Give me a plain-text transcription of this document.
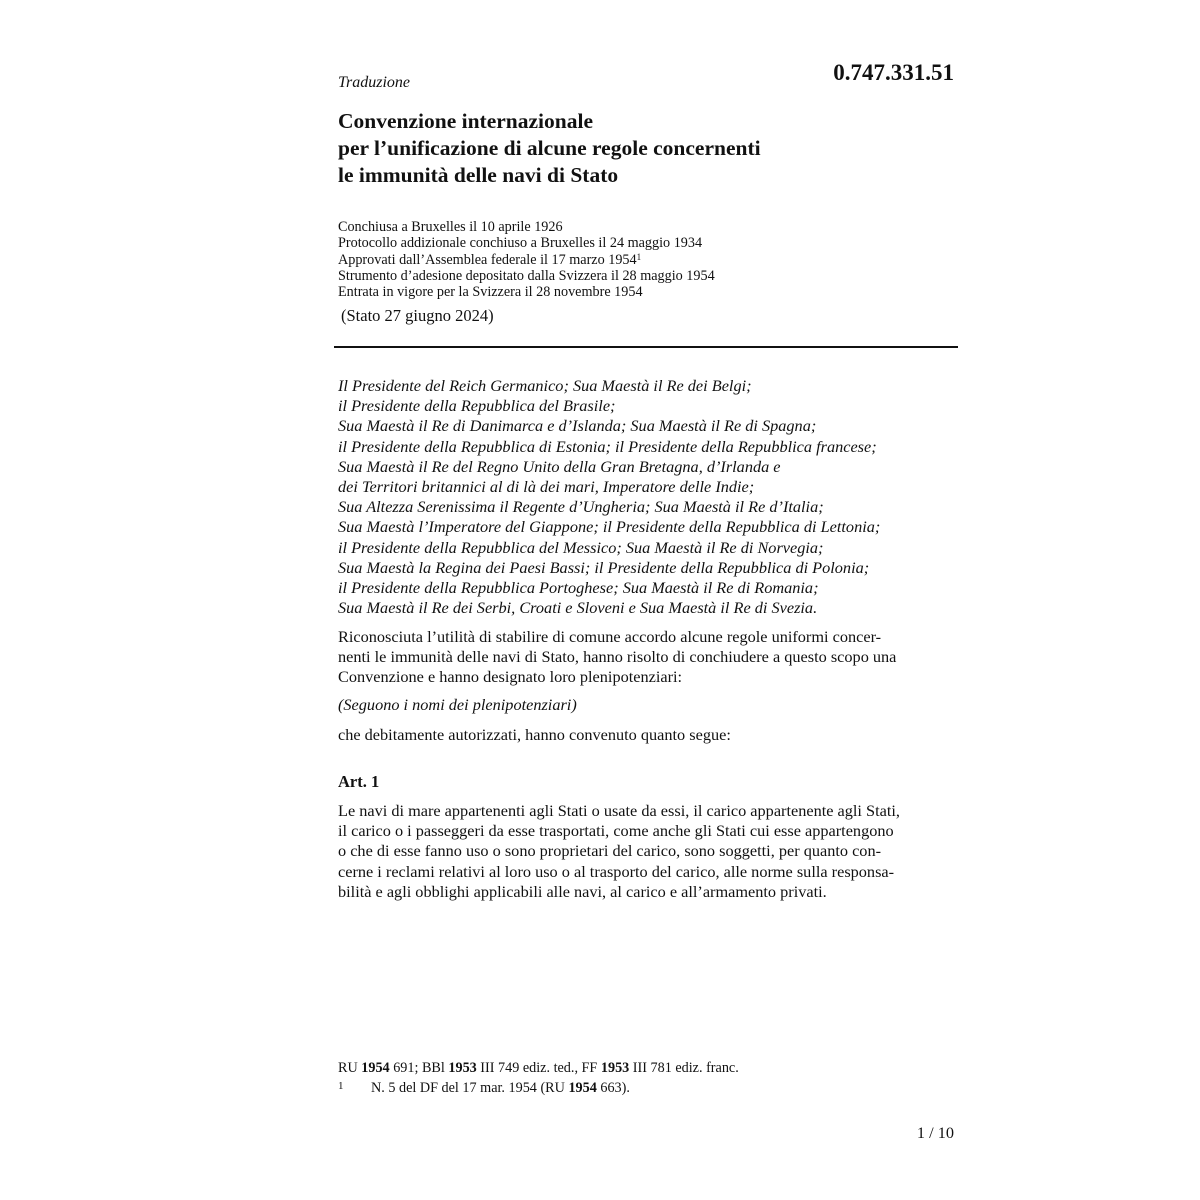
0.747.331.51
Traduzione
Convenzione internazionale
per l’unificazione di alcune regole concernenti
le immunità delle navi di Stato
Conchiusa a Bruxelles il 10 aprile 1926
Protocollo addizionale conchiuso a Bruxelles il 24 maggio 1934
Approvati dall’Assemblea federale il 17 marzo 1954$^1$
Strumento d’adesione depositato dalla Svizzera il 28 maggio 1954
Entrata in vigore per la Svizzera il 28 novembre 1954
(Stato 27 giugno 2024)
Il Presidente del Reich Germanico; Sua Maestà il Re dei Belgi;
il Presidente della Repubblica del Brasile;
Sua Maestà il Re di Danimarca e d’Islanda; Sua Maestà il Re di Spagna;
il Presidente della Repubblica di Estonia; il Presidente della Repubblica francese;
Sua Maestà il Re del Regno Unito della Gran Bretagna, d’Irlanda e
dei Territori britannici al di là dei mari, Imperatore delle Indie;
Sua Altezza Serenissima il Regente d’Ungheria; Sua Maestà il Re d’Italia;
Sua Maestà l’Imperatore del Giappone; il Presidente della Repubblica di Lettonia;
il Presidente della Repubblica del Messico; Sua Maestà il Re di Norvegia;
Sua Maestà la Regina dei Paesi Bassi; il Presidente della Repubblica di Polonia;
il Presidente della Repubblica Portoghese; Sua Maestà il Re di Romania;
Sua Maestà il Re dei Serbi, Croati e Sloveni e Sua Maestà il Re di Svezia.
Riconosciuta l’utilità di stabilire di comune accordo alcune regole uniformi concer-
nenti le immunità delle navi di Stato, hanno risolto di conchiudere a questo scopo una
Convenzione e hanno designato loro plenipotenziari:
(Seguono i nomi dei plenipotenziari)
che debitamente autorizzati, hanno convenuto quanto segue:
Art. 1
Le navi di mare appartenenti agli Stati o usate da essi, il carico appartenente agli Stati,
il carico o i passeggeri da esse trasportati, come anche gli Stati cui esse appartengono
o che di esse fanno uso o sono proprietari del carico, sono soggetti, per quanto con-
cerne i reclami relativi al loro uso o al trasporto del carico, alle norme sulla responsa-
bilità e agli obblighi applicabili alle navi, al carico e all’armamento privati.
RU 1954 691; BBl 1953 III 749 ediz. ted., FF 1953 III 781 ediz. franc.
1 N. 5 del DF del 17 mar. 1954 (RU 1954 663).
1 / 10
